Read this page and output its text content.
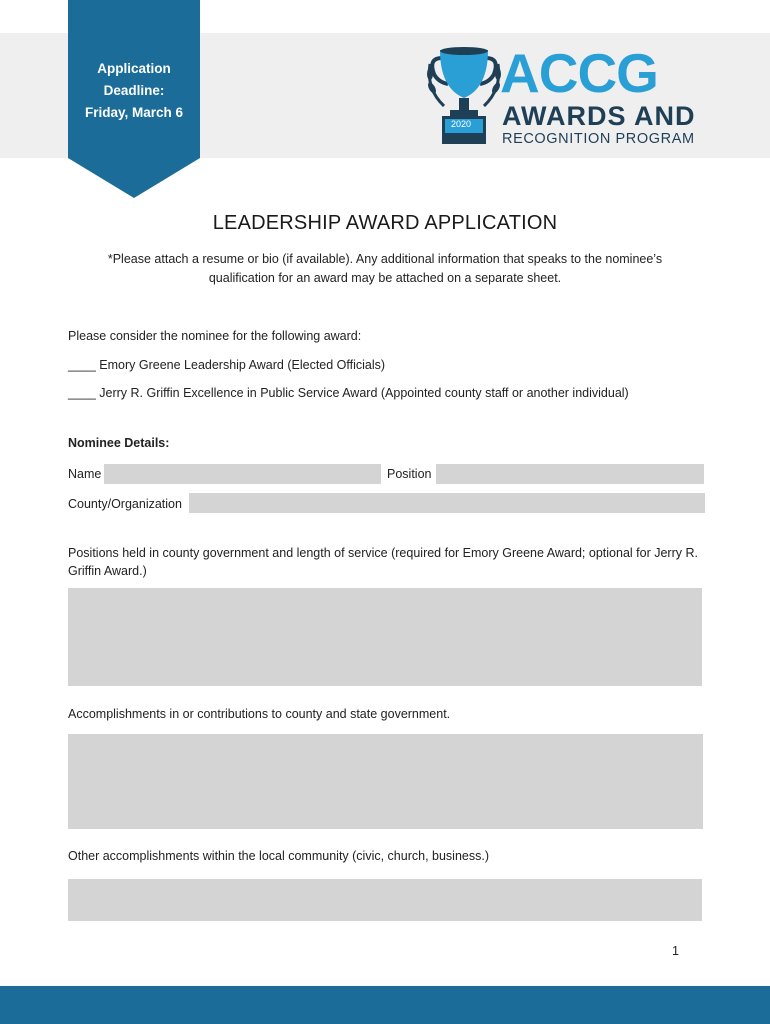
Application
Deadline:
Friday, March 6
2020
ACCG
AWARDS AND
RECOGNITION PROGRAM
LEADERSHIP AWARD APPLICATION
*Please attach a resume or bio (if available). Any additional information that speaks to the nominee’s
qualification for an award may be attached on a separate sheet.
Please consider the nominee for the following award:
____ Emory Greene Leadership Award (Elected Officials)
____ Jerry R. Griffin Excellence in Public Service Award (Appointed county staff or another individual)
Nominee Details:
Name	Position
County/Organization
Positions held in county government and length of service (required for Emory Greene Award; optional for Jerry R. Griffin Award.)
Accomplishments in or contributions to county and state government.
Other accomplishments within the local community (civic, church, business.)
1
